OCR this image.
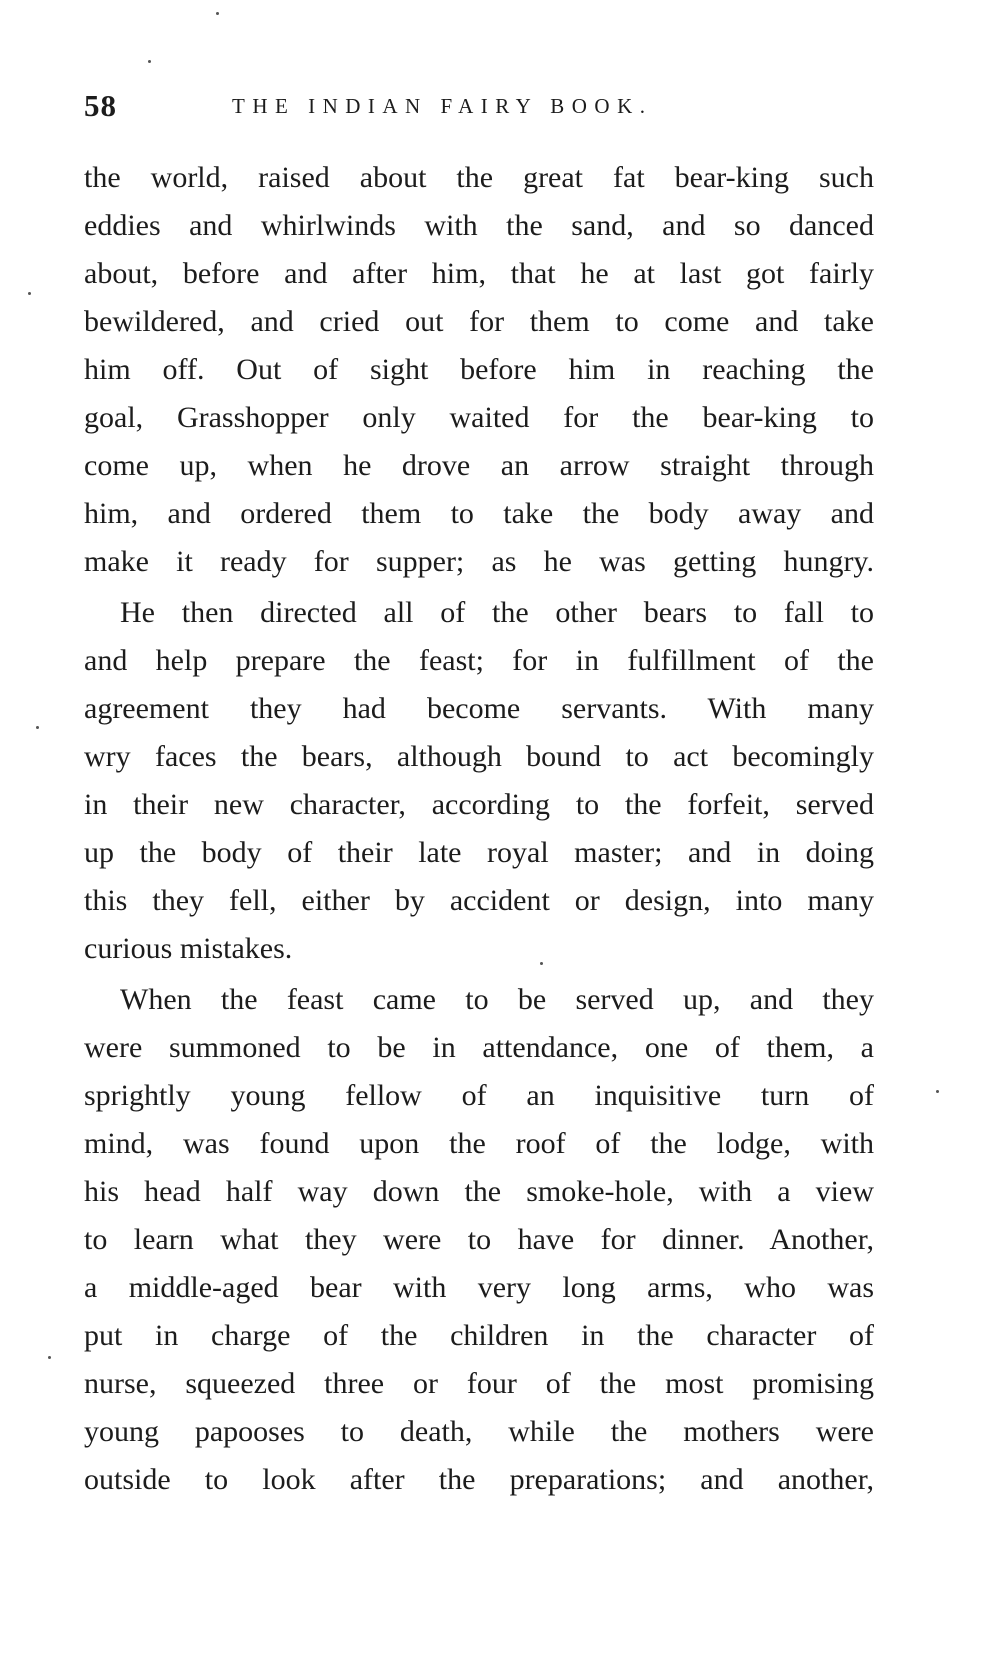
58	THE INDIAN FAIRY BOOK.
the world, raised about the great fat bear-king such
eddies and whirlwinds with the sand, and so danced
about, before and after him, that he at last got fairly
bewildered, and cried out for them to come and take
him off. Out of sight before him in reaching the
goal, Grasshopper only waited for the bear-king to
come up, when he drove an arrow straight through
him, and ordered them to take the body away and
make it ready for supper; as he was getting hungry.
He then directed all of the other bears to fall to
and help prepare the feast; for in fulfillment of the
agreement they had become servants. With many
wry faces the bears, although bound to act becomingly
in their new character, according to the forfeit, served
up the body of their late royal master; and in doing
this they fell, either by accident or design, into many
curious mistakes.
When the feast came to be served up, and they
were summoned to be in attendance, one of them, a
sprightly young fellow of an inquisitive turn of
mind, was found upon the roof of the lodge, with
his head half way down the smoke-hole, with a view
to learn what they were to have for dinner. Another,
a middle-aged bear with very long arms, who was
put in charge of the children in the character of
nurse, squeezed three or four of the most promising
young papooses to death, while the mothers were
outside to look after the preparations; and another,
